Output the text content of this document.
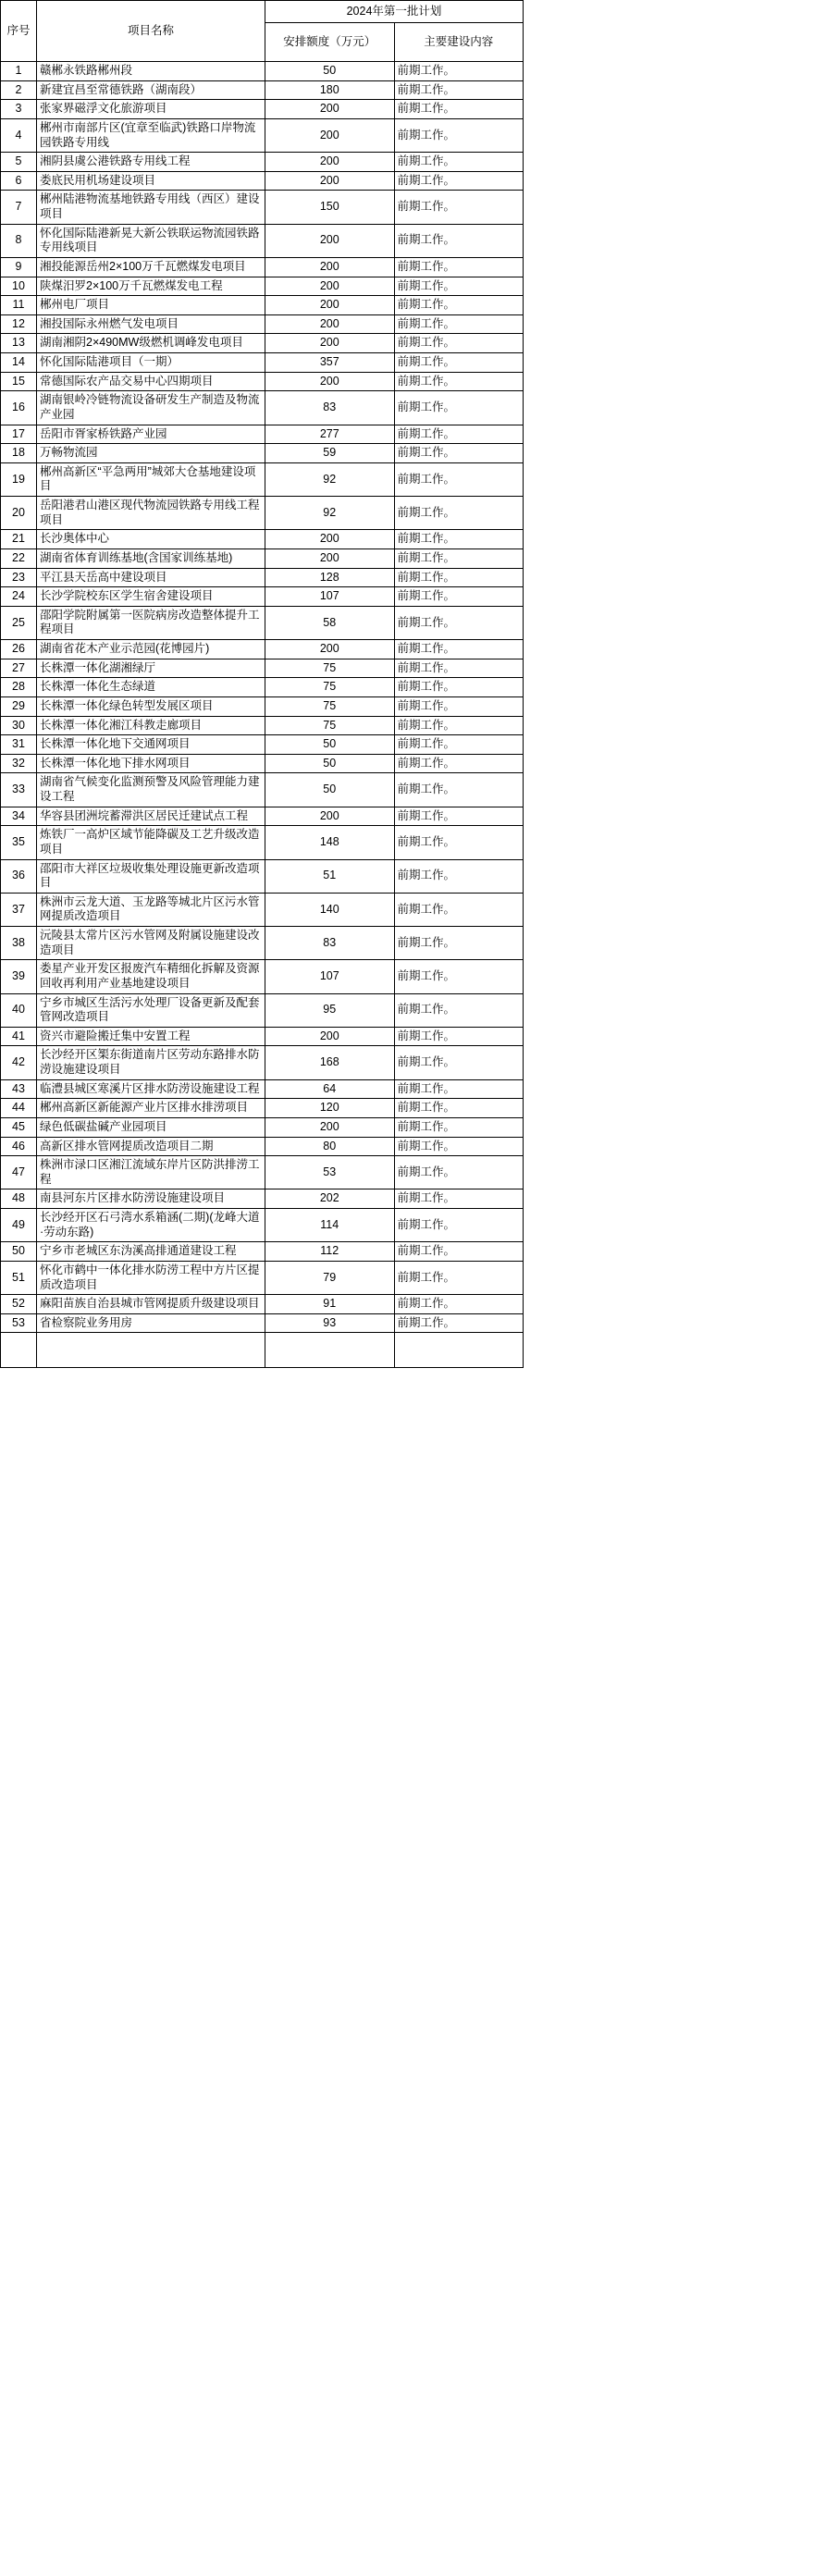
序号	项目名称	2024年第一批计划	
		安排额度（万元）	主要建设内容
1	赣郴永铁路郴州段	50	前期工作。
2	新建宜昌至常德铁路（湖南段）	180	前期工作。
3	张家界磁浮文化旅游项目	200	前期工作。
4	郴州市南部片区(宜章至临武)铁路口岸物流园铁路专用线	200	前期工作。
5	湘阴县虞公港铁路专用线工程	200	前期工作。
6	娄底民用机场建设项目	200	前期工作。
7	郴州陆港物流基地铁路专用线（西区）建设项目	150	前期工作。
8	怀化国际陆港新晃大新公铁联运物流园铁路专用线项目	200	前期工作。
9	湘投能源岳州2×100万千瓦燃煤发电项目	200	前期工作。
10	陕煤汨罗2×100万千瓦燃煤发电工程	200	前期工作。
11	郴州电厂项目	200	前期工作。
12	湘投国际永州燃气发电项目	200	前期工作。
13	湖南湘阴2×490MW级燃机调峰发电项目	200	前期工作。
14	怀化国际陆港项目（一期）	357	前期工作。
15	常德国际农产品交易中心四期项目	200	前期工作。
16	湖南银岭冷链物流设备研发生产制造及物流产业园	83	前期工作。
17	岳阳市胥家桥铁路产业园	277	前期工作。
18	万畅物流园	59	前期工作。
19	郴州高新区“平急两用”城郊大仓基地建设项目	92	前期工作。
20	岳阳港君山港区现代物流园铁路专用线工程项目	92	前期工作。
21	长沙奥体中心	200	前期工作。
22	湖南省体育训练基地(含国家训练基地)	200	前期工作。
23	平江县天岳高中建设项目	128	前期工作。
24	长沙学院校东区学生宿舍建设项目	107	前期工作。
25	邵阳学院附属第一医院病房改造整体提升工程项目	58	前期工作。
26	湖南省花木产业示范园(花博园片)	200	前期工作。
27	长株潭一体化湖湘绿厅	75	前期工作。
28	长株潭一体化生态绿道	75	前期工作。
29	长株潭一体化绿色转型发展区项目	75	前期工作。
30	长株潭一体化湘江科教走廊项目	75	前期工作。
31	长株潭一体化地下交通网项目	50	前期工作。
32	长株潭一体化地下排水网项目	50	前期工作。
33	湖南省气候变化监测预警及风险管理能力建设工程	50	前期工作。
34	华容县团洲垸蓄滞洪区居民迁建试点工程	200	前期工作。
35	炼铁厂一高炉区域节能降碳及工艺升级改造项目	148	前期工作。
36	邵阳市大祥区垃圾收集处理设施更新改造项目	51	前期工作。
37	株洲市云龙大道、玉龙路等城北片区污水管网提质改造项目	140	前期工作。
38	沅陵县太常片区污水管网及附属设施建设改造项目	83	前期工作。
39	娄星产业开发区报废汽车精细化拆解及资源回收再利用产业基地建设项目	107	前期工作。
40	宁乡市城区生活污水处理厂设备更新及配套管网改造项目	95	前期工作。
41	资兴市避险搬迁集中安置工程	200	前期工作。
42	长沙经开区榘东街道南片区劳动东路排水防涝设施建设项目	168	前期工作。
43	临澧县城区寒溪片区排水防涝设施建设工程	64	前期工作。
44	郴州高新区新能源产业片区排水排涝项目	120	前期工作。
45	绿色低碳盐碱产业园项目	200	前期工作。
46	高新区排水管网提质改造项目二期	80	前期工作。
47	株洲市渌口区湘江流域东岸片区防洪排涝工程	53	前期工作。
48	南县河东片区排水防涝设施建设项目	202	前期工作。
49	长沙经开区石弓湾水系箱涵(二期)(龙峰大道·劳动东路)	114	前期工作。
50	宁乡市老城区东沩溪高排通道建设工程	112	前期工作。
51	怀化市鹤中一体化排水防涝工程中方片区提质改造项目	79	前期工作。
52	麻阳苗族自治县城市管网提质升级建设项目	91	前期工作。
53	省检察院业务用房	93	前期工作。
